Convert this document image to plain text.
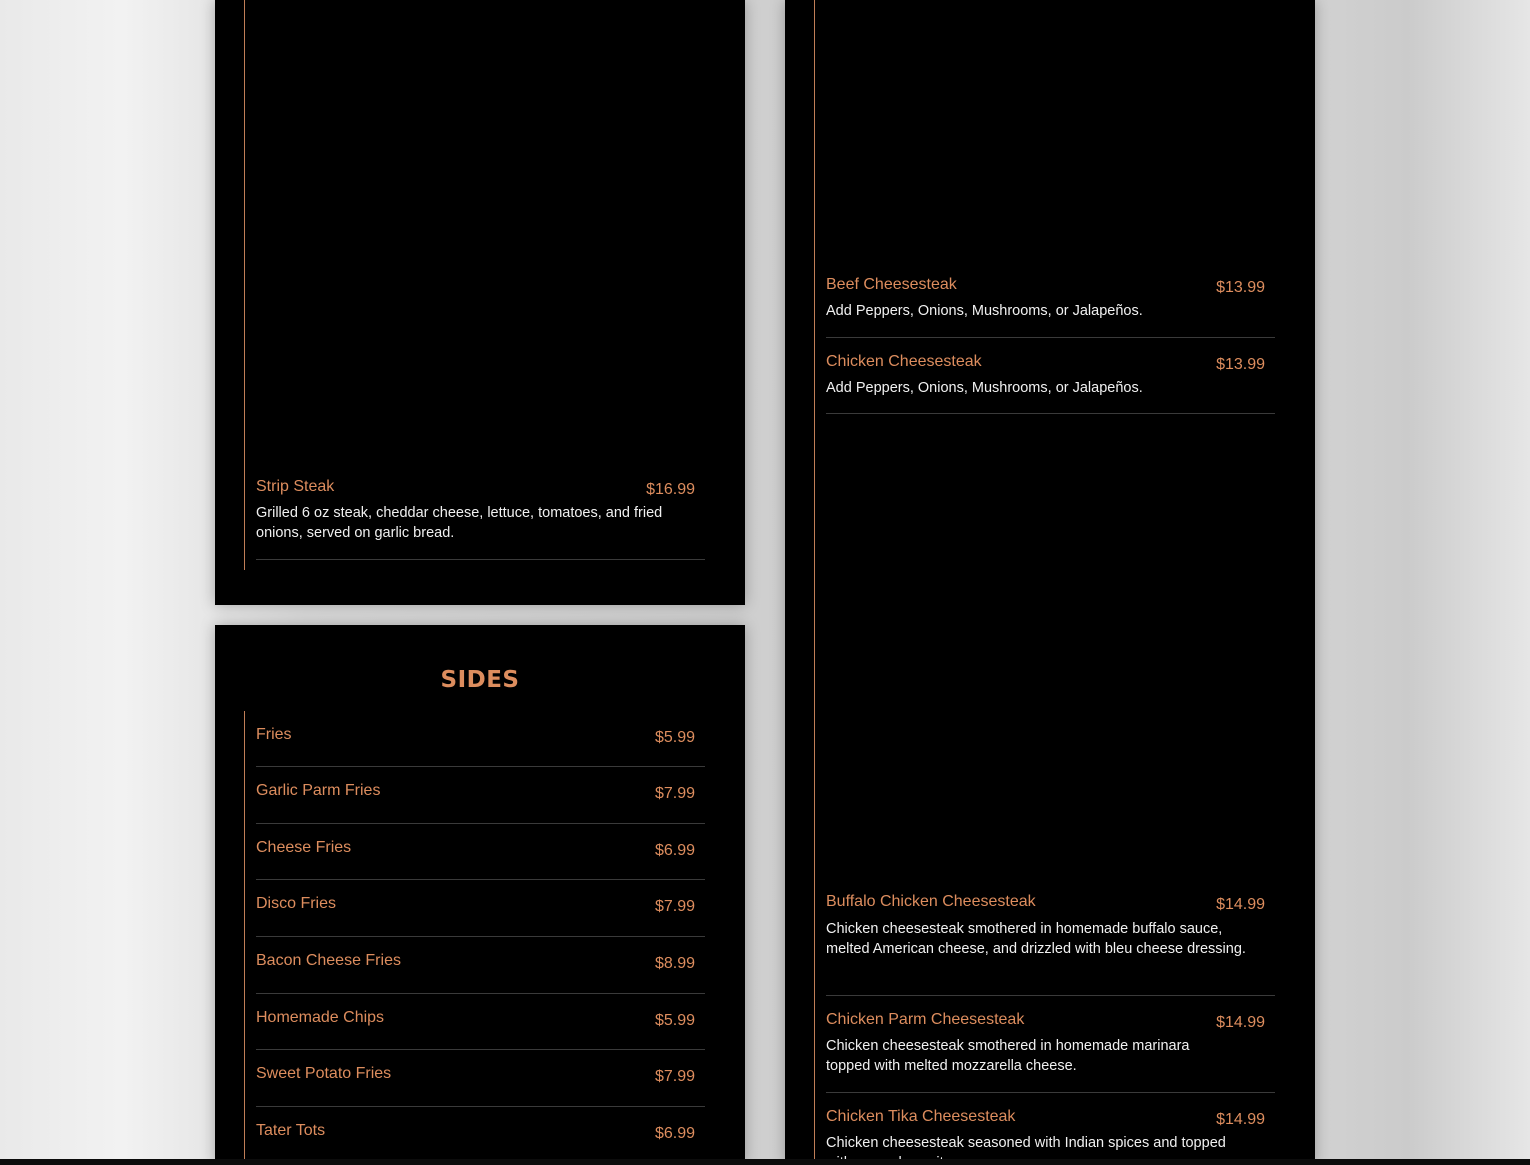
Strip Steak	$16.99
Grilled 6 oz steak, cheddar cheese, lettuce, tomatoes, and fried onions, served on garlic bread.
SIDES
Fries	$5.99
Garlic Parm Fries	$7.99
Cheese Fries	$6.99
Disco Fries	$7.99
Bacon Cheese Fries	$8.99
Homemade Chips	$5.99
Sweet Potato Fries	$7.99
Tater Tots	$6.99
Beef Cheesesteak	$13.99
Add Peppers, Onions, Mushrooms, or Jalapeños.
Chicken Cheesesteak	$13.99
Add Peppers, Onions, Mushrooms, or Jalapeños.
Buffalo Chicken Cheesesteak	$14.99
Chicken cheesesteak smothered in homemade buffalo sauce, melted American cheese, and drizzled with bleu cheese dressing.
Chicken Parm Cheesesteak	$14.99
Chicken cheesesteak smothered in homemade marinara topped with melted mozzarella cheese.
Chicken Tika Cheesesteak	$14.99
Chicken cheesesteak seasoned with Indian spices and topped
